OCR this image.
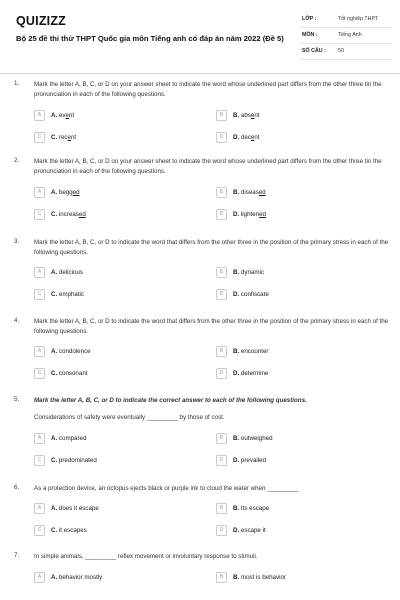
QUIZIZZ
Bộ 25 đề thi thử THPT Quốc gia môn Tiếng anh có đáp án năm 2022 (Đề 5)
LỚP :	Tốt nghiệp THPT
MÔN :	Tiếng Anh
SỐ CÂU : 50
1. Mark the letter A, B, C, or D on your answer sheet to indicate the word whose underlined part differs from the other three tin the pronunciation in each of the following questions.
A	A. event	B	B. absent
C	C. recent	D	D. decent
2. Mark the letter A, B, C, or D on your answer sheet to indicate the word whose underlined part differs from the other three tin the pronunciation in each of the following questions.
A	A. begged	B	B. diseased
C	C. increased	D	D. lightened
3. Mark the letter A, B, C, or D to indicate the word that differs from the other three in the position of the primary stress in each of the following questions.
A	A. delicious	B	B. dynamic
C	C. emphatic	D	D. confiscate
4. Mark the letter A, B, C, or D to indicate the word that differs from the other three in the position of the primary stress in each of the following questions.
A	A. condolence	B	B. encounter
C	C. consonant	D	D. determine
5. Mark the letter A, B, C, or D to indicate the correct answer to each of the following questions.
Considerations of safety were eventually _________ by those of cost.
A	A. compared	B	B. outweighed
C	C. predominated	D	D. prevailed
6. As a protection device, an octopus ejects black or purple ink to cloud the water when _________
A	A. does it escape	B	B. Its escape
C	C. it escapes	D	D. escape it
7. In simple animals, _________ reflex movement or involuntary response to stimuli.
A	A. behavior mostly	B	B. most is behavior
